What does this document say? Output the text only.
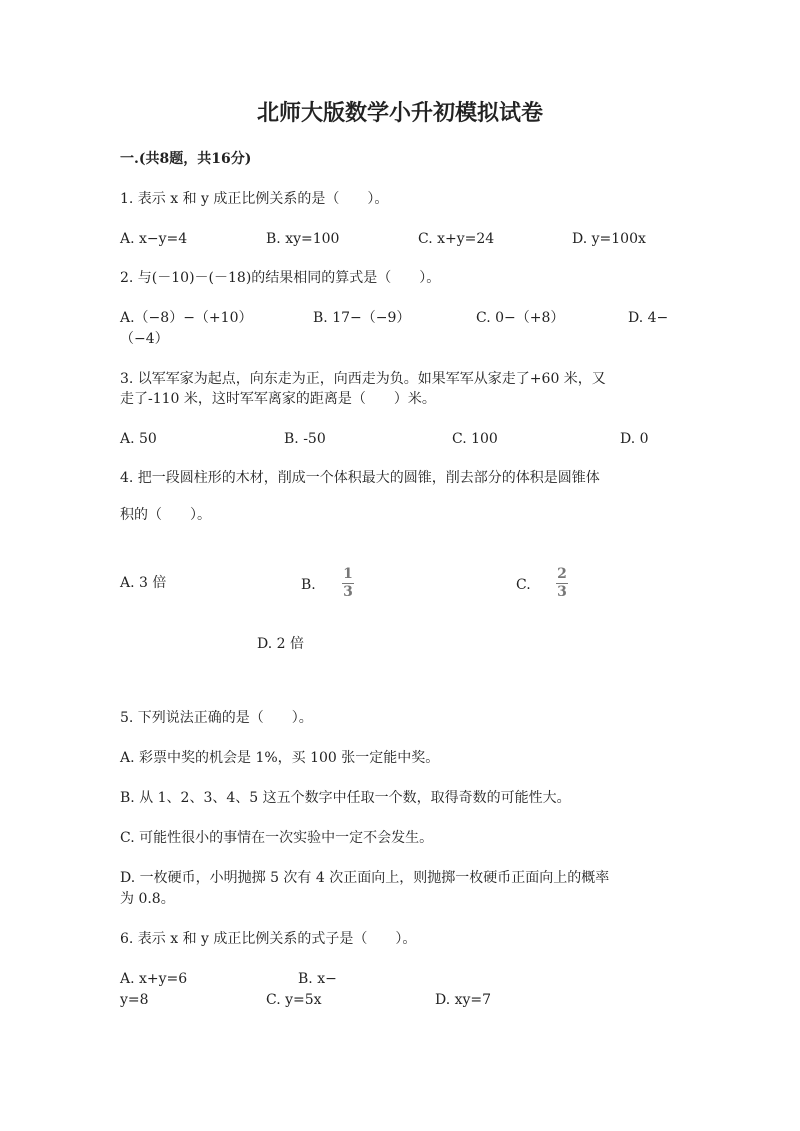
北师大版数学小升初模拟试卷
一.(共8题，共16分)
1. 表示 x 和 y 成正比例关系的是（　　）。
A. x−y=4	B. xy=100	C. x+y=24	D. y=100x
2. 与(－10)－(－18)的结果相同的算式是（　　）。
A.（−8）−（+10）	B. 17−（−9）	C. 0−（+8）	D. 4−
（−4）
3. 以军军家为起点，向东走为正，向西走为负。如果军军从家走了+60 米，又
走了-110 米，这时军军离家的距离是（　　）米。
A. 50	B. -50	C. 100	D. 0
4. 把一段圆柱形的木材，削成一个体积最大的圆锥，削去部分的体积是圆锥体
积的（　　）。
A. 3 倍	B.
1
3	C.
2
3
D. 2 倍
5. 下列说法正确的是（　　）。
A. 彩票中奖的机会是 1%，买 100 张一定能中奖。
B. 从 1、2、3、4、5 这五个数字中任取一个数，取得奇数的可能性大。
C. 可能性很小的事情在一次实验中一定不会发生。
D. 一枚硬币，小明抛掷 5 次有 4 次正面向上，则抛掷一枚硬币正面向上的概率
为 0.8。
6. 表示 x 和 y 成正比例关系的式子是（　　）。
A. x+y=6	B. x−
y=8	C. y=5x	D. xy=7
